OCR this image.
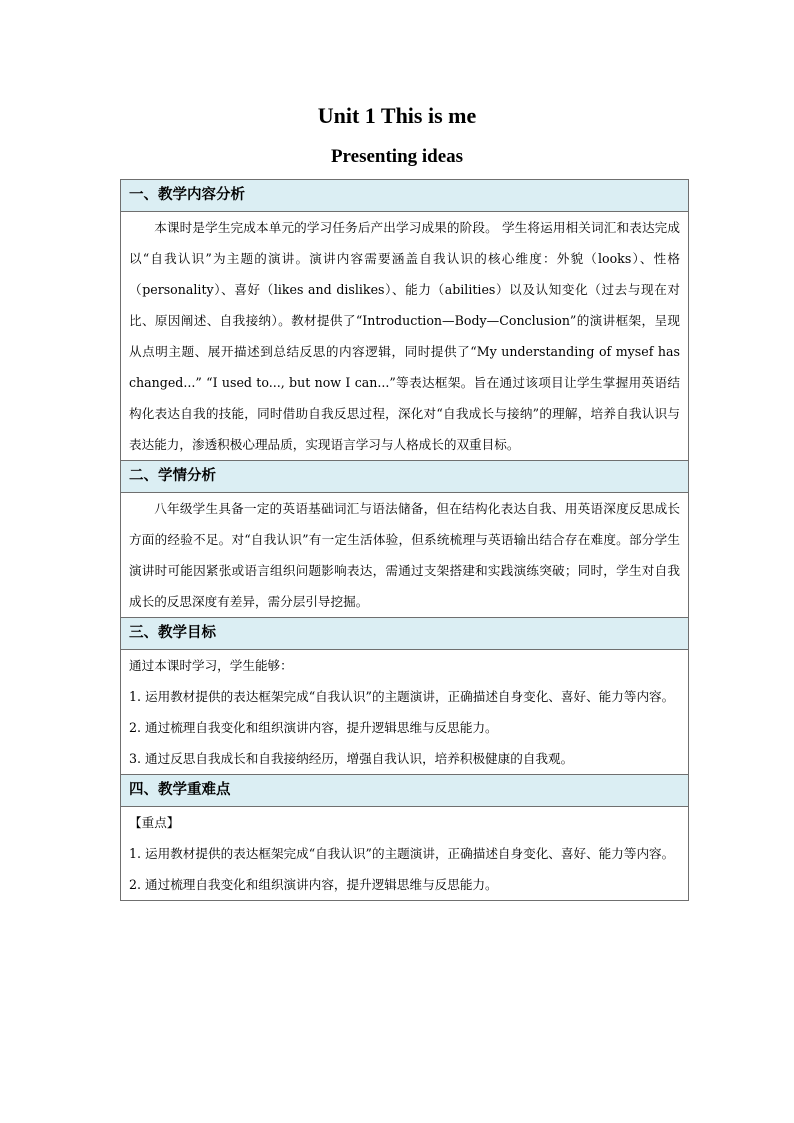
Unit 1 This is me
Presenting ideas
一、教学内容分析

本课时是学生完成本单元的学习任务后产出学习成果的阶段。 学生将运用相关词汇和表达完成以“自我认识”为主题的演讲。演讲内容需要涵盖自我认识的核心维度：外貌（looks）、性格（personality）、喜好（likes and dislikes）、能力（abilities）以及认知变化（过去与现在对比、原因阐述、自我接纳）。教材提供了“Introduction—Body—Conclusion”的演讲框架，呈现从点明主题、展开描述到总结反思的内容逻辑，同时提供了“My understanding of mysef has changed...” “I used to..., but now I can...”等表达框架。旨在通过该项目让学生掌握用英语结构化表达自我的技能，同时借助自我反思过程，深化对“自我成长与接纳”的理解，培养自我认识与表达能力，渗透积极心理品质，实现语言学习与人格成长的双重目标。

二、学情分析

八年级学生具备一定的英语基础词汇与语法储备，但在结构化表达自我、用英语深度反思成长方面的经验不足。对“自我认识”有一定生活体验，但系统梳理与英语输出结合存在难度。部分学生演讲时可能因紧张或语言组织问题影响表达，需通过支架搭建和实践演练突破；同时，学生对自我成长的反思深度有差异，需分层引导挖掘。

三、教学目标

通过本课时学习，学生能够：

1. 运用教材提供的表达框架完成“自我认识”的主题演讲，正确描述自身变化、喜好、能力等内容。

2. 通过梳理自我变化和组织演讲内容，提升逻辑思维与反思能力。

3. 通过反思自我成长和自我接纳经历，增强自我认识，培养积极健康的自我观。

四、教学重难点

【重点】

1. 运用教材提供的表达框架完成“自我认识”的主题演讲，正确描述自身变化、喜好、能力等内容。

2. 通过梳理自我变化和组织演讲内容，提升逻辑思维与反思能力。
